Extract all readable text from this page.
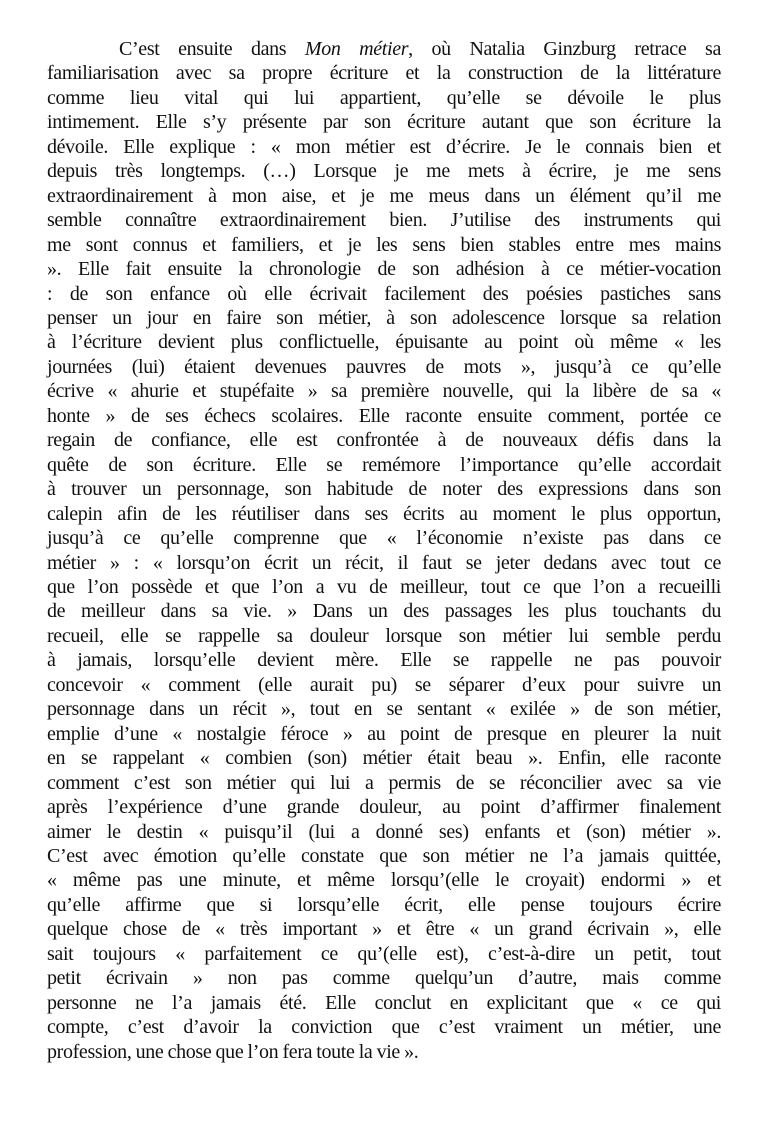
C’est ensuite dans Mon métier, où Natalia Ginzburg retrace sa
familiarisation avec sa propre écriture et la construction de la littérature
comme lieu vital qui lui appartient, qu’elle se dévoile le plus
intimement. Elle s’y présente par son écriture autant que son écriture la
dévoile. Elle explique : « mon métier est d’écrire. Je le connais bien et
depuis très longtemps. (…) Lorsque je me mets à écrire, je me sens
extraordinairement à mon aise, et je me meus dans un élément qu’il me
semble connaître extraordinairement bien. J’utilise des instruments qui
me sont connus et familiers, et je les sens bien stables entre mes mains
». Elle fait ensuite la chronologie de son adhésion à ce métier-vocation
: de son enfance où elle écrivait facilement des poésies pastiches sans
penser un jour en faire son métier, à son adolescence lorsque sa relation
à l’écriture devient plus conflictuelle, épuisante au point où même « les
journées (lui) étaient devenues pauvres de mots », jusqu’à ce qu’elle
écrive « ahurie et stupéfaite » sa première nouvelle, qui la libère de sa «
honte » de ses échecs scolaires. Elle raconte ensuite comment, portée ce
regain de confiance, elle est confrontée à de nouveaux défis dans la
quête de son écriture. Elle se remémore l’importance qu’elle accordait
à trouver un personnage, son habitude de noter des expressions dans son
calepin afin de les réutiliser dans ses écrits au moment le plus opportun,
jusqu’à ce qu’elle comprenne que « l’économie n’existe pas dans ce
métier » : « lorsqu’on écrit un récit, il faut se jeter dedans avec tout ce
que l’on possède et que l’on a vu de meilleur, tout ce que l’on a recueilli
de meilleur dans sa vie. » Dans un des passages les plus touchants du
recueil, elle se rappelle sa douleur lorsque son métier lui semble perdu
à jamais, lorsqu’elle devient mère. Elle se rappelle ne pas pouvoir
concevoir « comment (elle aurait pu) se séparer d’eux pour suivre un
personnage dans un récit », tout en se sentant « exilée » de son métier,
emplie d’une « nostalgie féroce » au point de presque en pleurer la nuit
en se rappelant « combien (son) métier était beau ». Enfin, elle raconte
comment c’est son métier qui lui a permis de se réconcilier avec sa vie
après l’expérience d’une grande douleur, au point d’affirmer finalement
aimer le destin « puisqu’il (lui a donné ses) enfants et (son) métier ».
C’est avec émotion qu’elle constate que son métier ne l’a jamais quittée,
« même pas une minute, et même lorsqu’(elle le croyait) endormi » et
qu’elle affirme que si lorsqu’elle écrit, elle pense toujours écrire
quelque chose de « très important » et être « un grand écrivain », elle
sait toujours « parfaitement ce qu’(elle est), c’est-à-dire un petit, tout
petit écrivain » non pas comme quelqu’un d’autre, mais comme
personne ne l’a jamais été. Elle conclut en explicitant que « ce qui
compte, c’est d’avoir la conviction que c’est vraiment un métier, une
profession, une chose que l’on fera toute la vie ».
